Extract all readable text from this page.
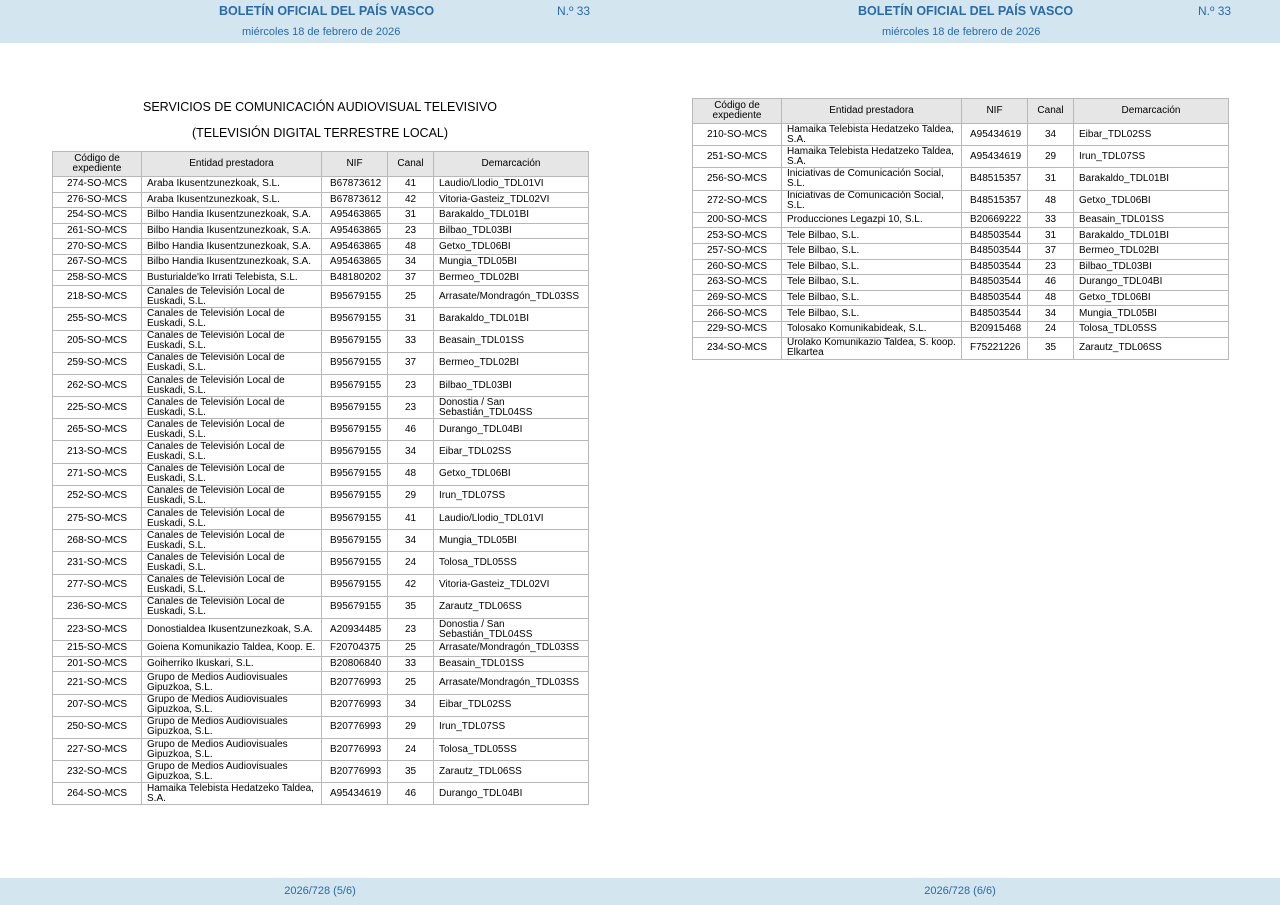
BOLETÍN OFICIAL DEL PAÍS VASCO	N.º 33
miércoles 18 de febrero de 2026
BOLETÍN OFICIAL DEL PAÍS VASCO	N.º 33
miércoles 18 de febrero de 2026
SERVICIOS DE COMUNICACIÓN AUDIOVISUAL TELEVISIVO
(TELEVISIÓN DIGITAL TERRESTRE LOCAL)
Código de expediente	Entidad prestadora	NIF	Canal	Demarcación
274-SO-MCS	Araba Ikusentzunezkoak, S.L.	B67873612	41	Laudio/Llodio_TDL01VI
276-SO-MCS	Araba Ikusentzunezkoak, S.L.	B67873612	42	Vitoria-Gasteiz_TDL02VI
254-SO-MCS	Bilbo Handia Ikusentzunezkoak, S.A.	A95463865	31	Barakaldo_TDL01BI
261-SO-MCS	Bilbo Handia Ikusentzunezkoak, S.A.	A95463865	23	Bilbao_TDL03BI
270-SO-MCS	Bilbo Handia Ikusentzunezkoak, S.A.	A95463865	48	Getxo_TDL06BI
267-SO-MCS	Bilbo Handia Ikusentzunezkoak, S.A.	A95463865	34	Mungia_TDL05BI
258-SO-MCS	Busturialde'ko Irrati Telebista, S.L.	B48180202	37	Bermeo_TDL02BI
218-SO-MCS	Canales de Televisión Local de Euskadi, S.L.	B95679155	25	Arrasate/Mondragón_TDL03SS
255-SO-MCS	Canales de Televisión Local de Euskadi, S.L.	B95679155	31	Barakaldo_TDL01BI
205-SO-MCS	Canales de Televisión Local de Euskadi, S.L.	B95679155	33	Beasain_TDL01SS
259-SO-MCS	Canales de Televisión Local de Euskadi, S.L.	B95679155	37	Bermeo_TDL02BI
262-SO-MCS	Canales de Televisión Local de Euskadi, S.L.	B95679155	23	Bilbao_TDL03BI
225-SO-MCS	Canales de Televisión Local de Euskadi, S.L.	B95679155	23	Donostia / San Sebastián_TDL04SS
265-SO-MCS	Canales de Televisión Local de Euskadi, S.L.	B95679155	46	Durango_TDL04BI
213-SO-MCS	Canales de Televisión Local de Euskadi, S.L.	B95679155	34	Eibar_TDL02SS
271-SO-MCS	Canales de Televisión Local de Euskadi, S.L.	B95679155	48	Getxo_TDL06BI
252-SO-MCS	Canales de Televisión Local de Euskadi, S.L.	B95679155	29	Irun_TDL07SS
275-SO-MCS	Canales de Televisión Local de Euskadi, S.L.	B95679155	41	Laudio/Llodio_TDL01VI
268-SO-MCS	Canales de Televisión Local de Euskadi, S.L.	B95679155	34	Mungia_TDL05BI
231-SO-MCS	Canales de Televisión Local de Euskadi, S.L.	B95679155	24	Tolosa_TDL05SS
277-SO-MCS	Canales de Televisión Local de Euskadi, S.L.	B95679155	42	Vitoria-Gasteiz_TDL02VI
236-SO-MCS	Canales de Televisión Local de Euskadi, S.L.	B95679155	35	Zarautz_TDL06SS
223-SO-MCS	Donostialdea Ikusentzunezkoak, S.A.	A20934485	23	Donostia / San Sebastián_TDL04SS
215-SO-MCS	Goiena Komunikazio Taldea, Koop. E.	F20704375	25	Arrasate/Mondragón_TDL03SS
201-SO-MCS	Goiherriko Ikuskari, S.L.	B20806840	33	Beasain_TDL01SS
221-SO-MCS	Grupo de Medios Audiovisuales Gipuzkoa, S.L.	B20776993	25	Arrasate/Mondragón_TDL03SS
207-SO-MCS	Grupo de Medios Audiovisuales Gipuzkoa, S.L.	B20776993	34	Eibar_TDL02SS
250-SO-MCS	Grupo de Medios Audiovisuales Gipuzkoa, S.L.	B20776993	29	Irun_TDL07SS
227-SO-MCS	Grupo de Medios Audiovisuales Gipuzkoa, S.L.	B20776993	24	Tolosa_TDL05SS
232-SO-MCS	Grupo de Medios Audiovisuales Gipuzkoa, S.L.	B20776993	35	Zarautz_TDL06SS
264-SO-MCS	Hamaika Telebista Hedatzeko Taldea, S.A.	A95434619	46	Durango_TDL04BI
Código de expediente	Entidad prestadora	NIF	Canal	Demarcación
210-SO-MCS	Hamaika Telebista Hedatzeko Taldea, S.A.	A95434619	34	Eibar_TDL02SS
251-SO-MCS	Hamaika Telebista Hedatzeko Taldea, S.A.	A95434619	29	Irun_TDL07SS
256-SO-MCS	Iniciativas de Comunicación Social, S.L.	B48515357	31	Barakaldo_TDL01BI
272-SO-MCS	Iniciativas de Comunicación Social, S.L.	B48515357	48	Getxo_TDL06BI
200-SO-MCS	Producciones Legazpi 10, S.L.	B20669222	33	Beasain_TDL01SS
253-SO-MCS	Tele Bilbao, S.L.	B48503544	31	Barakaldo_TDL01BI
257-SO-MCS	Tele Bilbao, S.L.	B48503544	37	Bermeo_TDL02BI
260-SO-MCS	Tele Bilbao, S.L.	B48503544	23	Bilbao_TDL03BI
263-SO-MCS	Tele Bilbao, S.L.	B48503544	46	Durango_TDL04BI
269-SO-MCS	Tele Bilbao, S.L.	B48503544	48	Getxo_TDL06BI
266-SO-MCS	Tele Bilbao, S.L.	B48503544	34	Mungia_TDL05BI
229-SO-MCS	Tolosako Komunikabideak, S.L.	B20915468	24	Tolosa_TDL05SS
234-SO-MCS	Urolako Komunikazio Taldea, S. koop. Elkartea	F75221226	35	Zarautz_TDL06SS
2026/728 (5/6)	2026/728 (6/6)
